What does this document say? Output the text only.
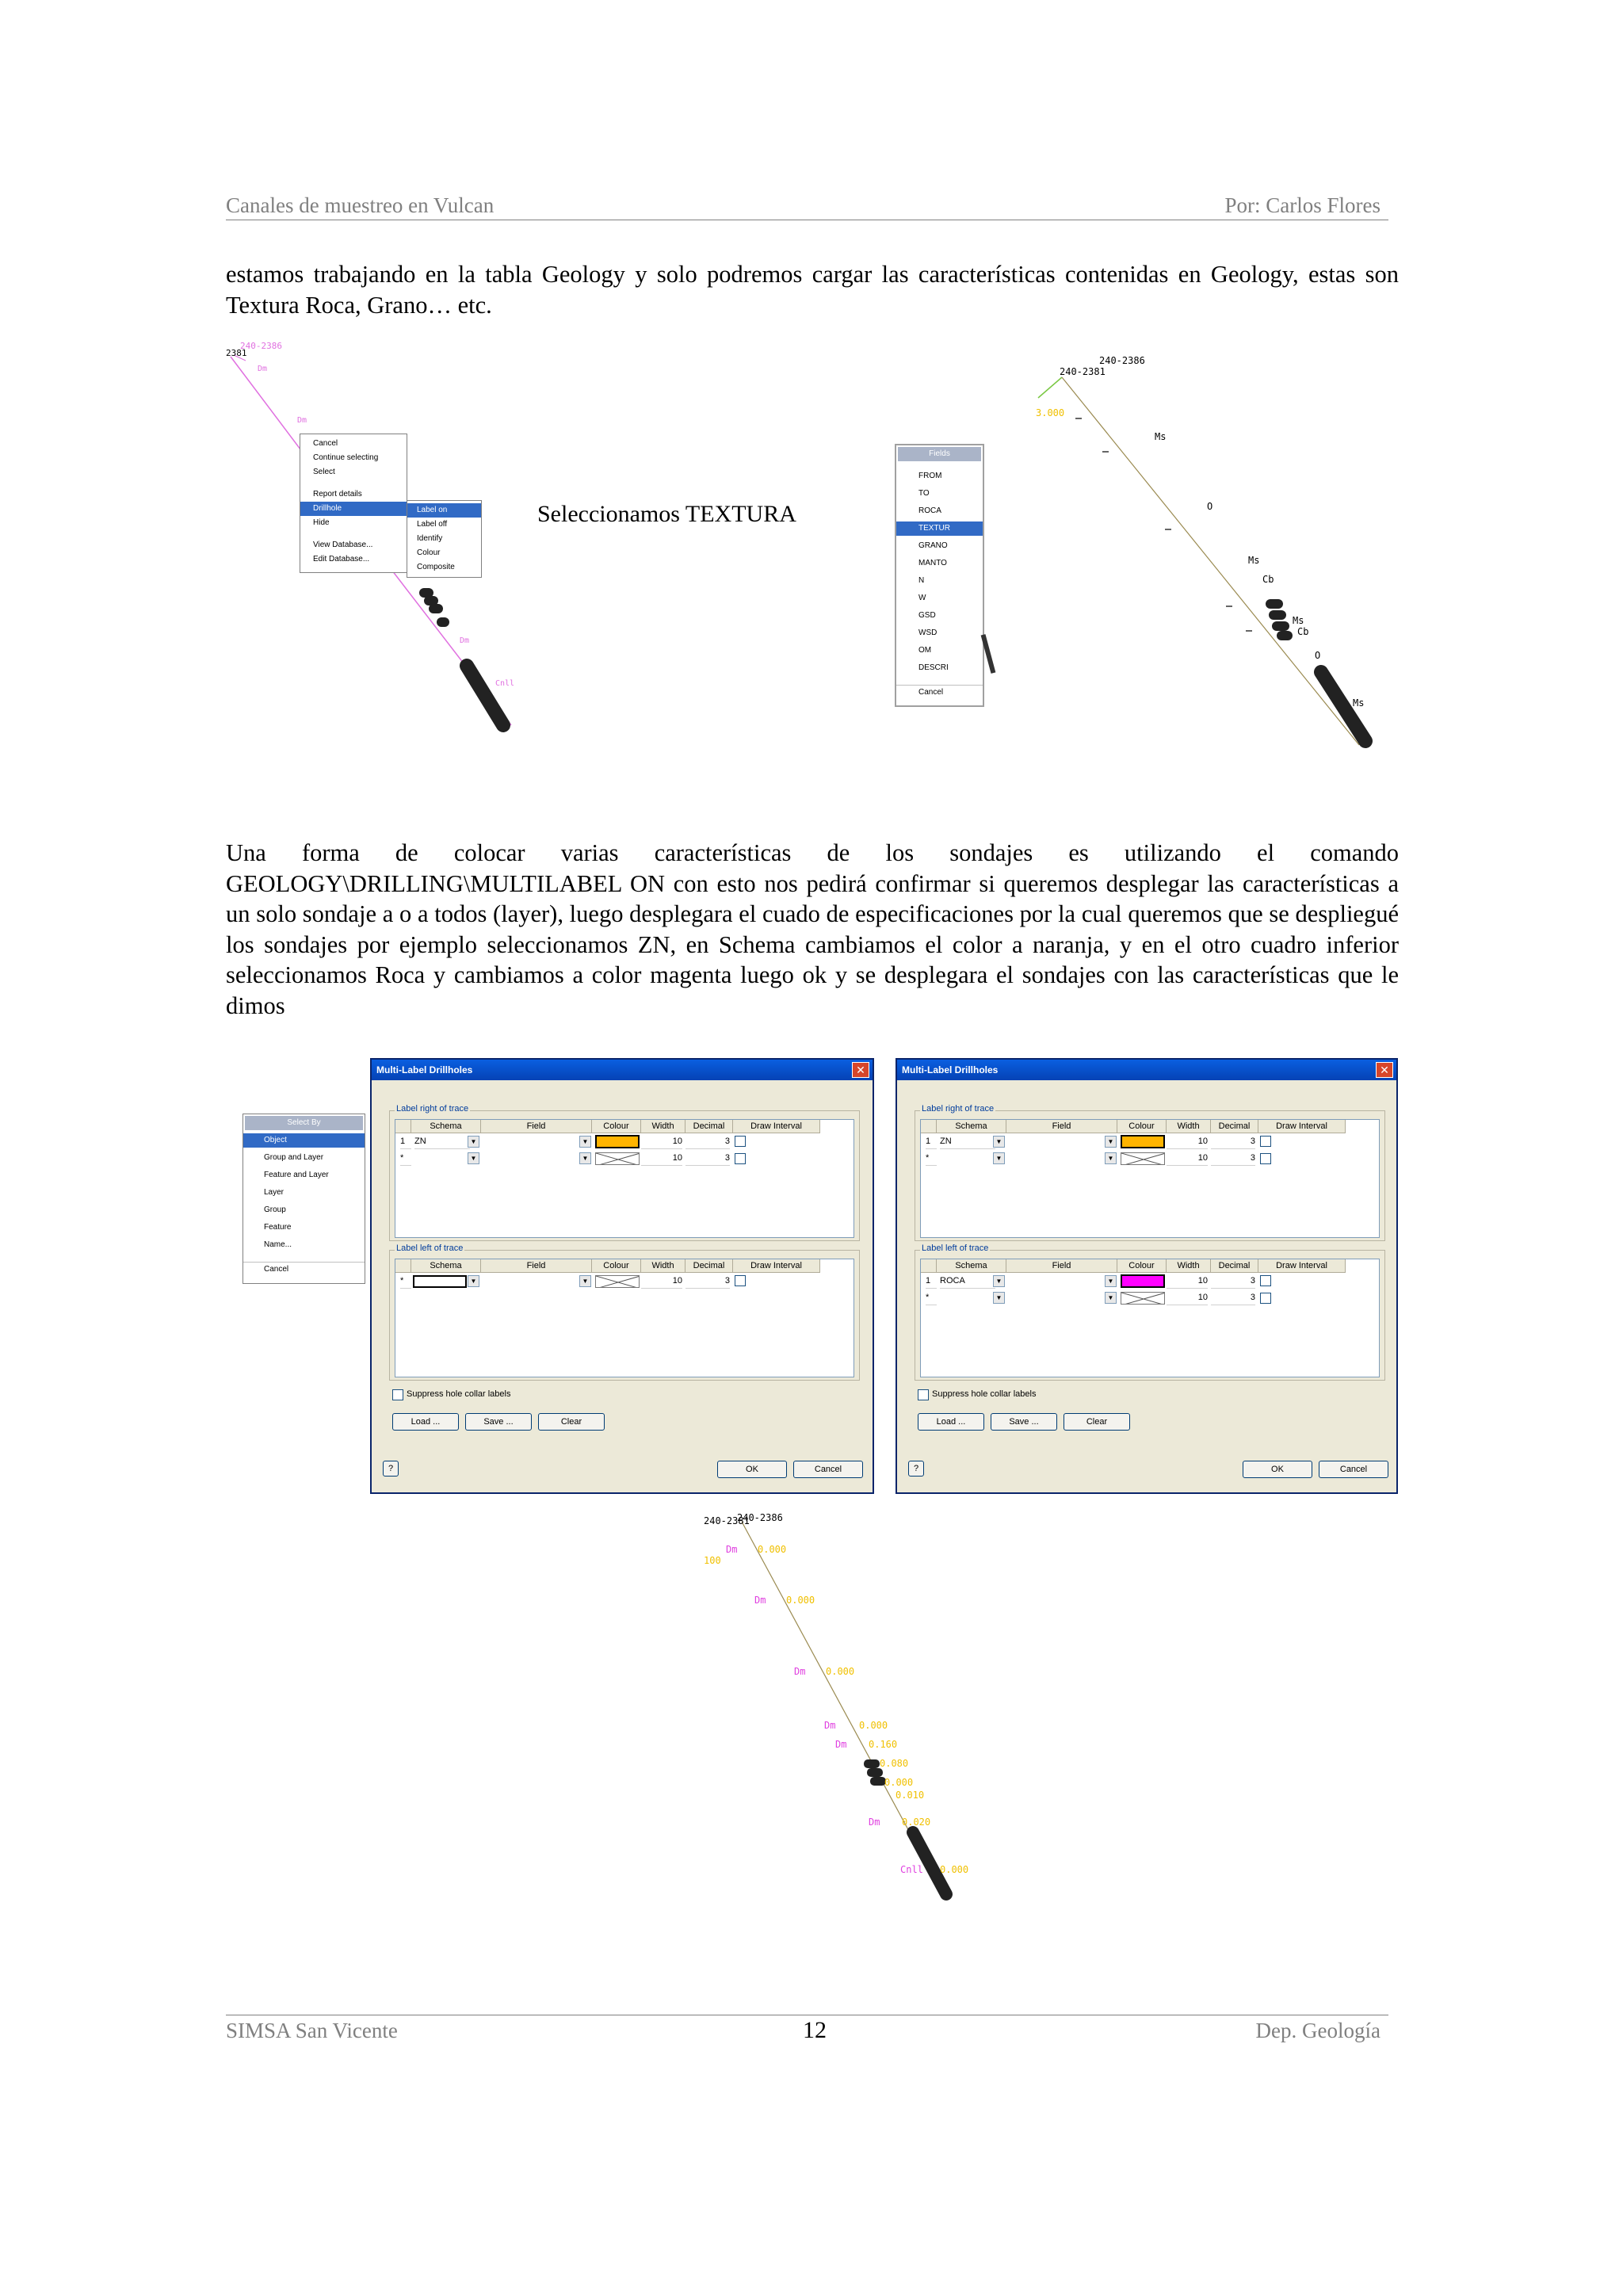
Canales de muestreo en Vulcan	Por: Carlos Flores

estamos trabajando en la tabla Geology y solo podremos cargar las características contenidas en Geology, estas son Textura Roca, Grano… etc.

2381
240-2386
Dm
Dm
Dm
Cnll
Cancel
Continue selecting
Select
Report details
Drillhole
Hide
View Database...
Edit Database...
Label on
Label off
Identify
Colour
Composite
Seleccionamos TEXTURA
Fields
FROM
TO
ROCA
TEXTUR
GRANO
MANTO
N
W
GSD
WSD
OM
DESCRI
Cancel
240-2386
240-2381
3.000
Ms
O
Ms
Cb
Ms
Cb
O
Ms

Una forma de colocar varias características de los sondajes es utilizando el comando GEOLOGY\DRILLING\MULTILABEL ON con esto nos pedirá confirmar si queremos desplegar las características a un solo sondaje a o a todos (layer), luego desplegara el cuado de especificaciones por la cual queremos que se despliegué los sondajes por ejemplo seleccionamos ZN, en Schema cambiamos el color a naranja, y en el otro cuadro inferior seleccionamos Roca y cambiamos a color magenta luego ok y se desplegara el sondajes con las características que le dimos

Select By
Object
Group and Layer
Feature and Layer
Layer
Group
Feature
Name...
Cancel
Multi-Label Drillholes	✕
Label right of trace
Schema	Field	Colour	Width	Decimal	Draw Interval
1	ZN	▼	▼	10	3
*	▼	▼	10	3
Label left of trace
Schema	Field	Colour	Width	Decimal	Draw Interval
*	▼	▼	10	3
Suppress hole collar labels
Load ...	Save ...	Clear
?	OK	Cancel
Multi-Label Drillholes	✕
Label right of trace
Schema	Field	Colour	Width	Decimal	Draw Interval
1	ZN	▼	▼	10	3
*	▼	▼	10	3
Label left of trace
Schema	Field	Colour	Width	Decimal	Draw Interval
1	ROCA	▼	▼	10	3
*	▼	▼	10	3
Suppress hole collar labels
Load ...	Save ...	Clear
?	OK	Cancel
240-2381
240-2386
100
Dm 0.000
Dm 0.000
Dm 0.000
Dm 0.000
0.160
Dm
0.080
0.000
0.010
Dm 0.020
Cnll 0.000
SIMSA San Vicente	12	Dep. Geología
